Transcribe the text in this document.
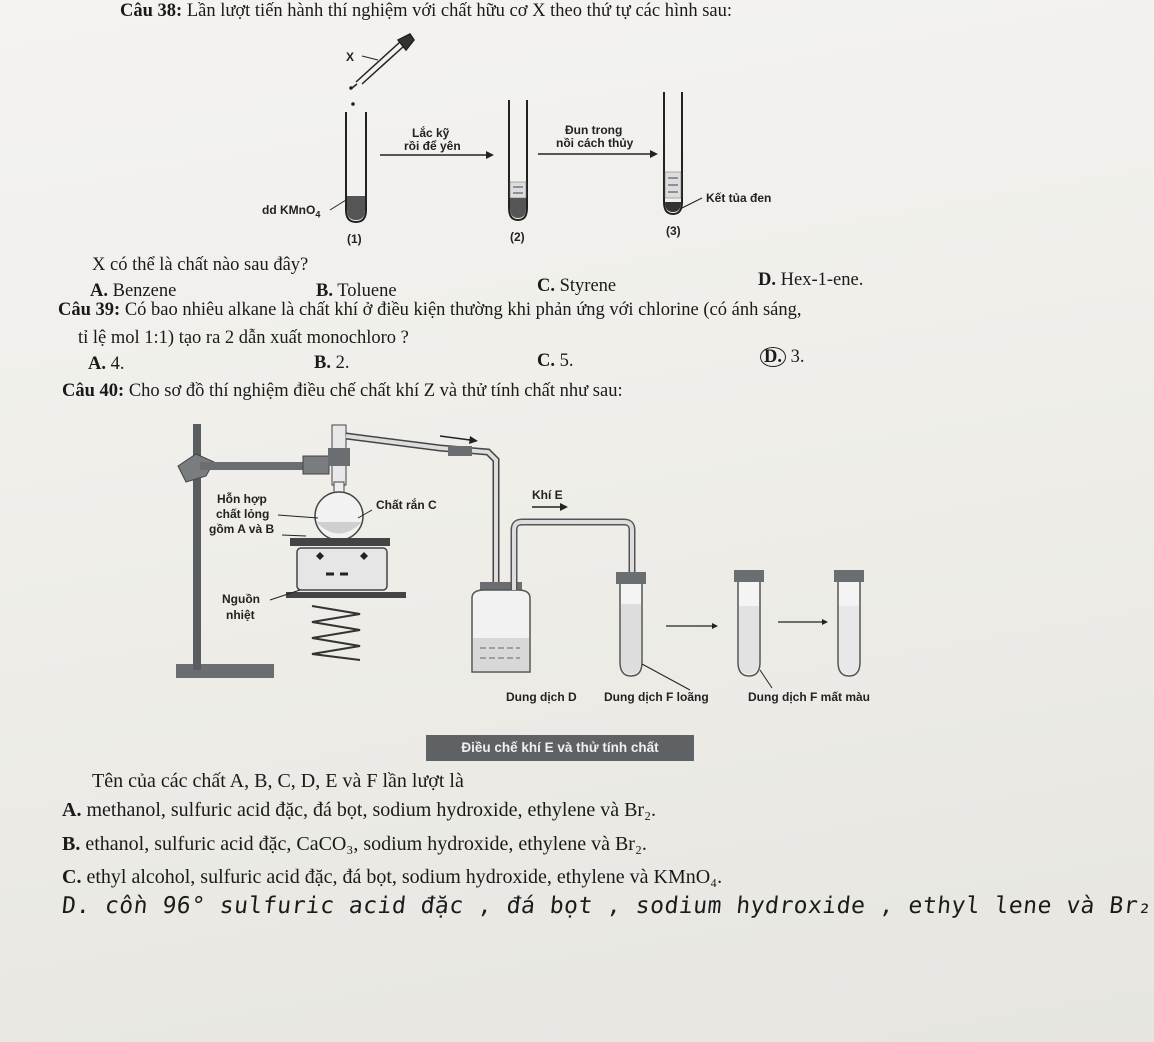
Câu 38: Lần lượt tiến hành thí nghiệm với chất hữu cơ X theo thứ tự các hình sau:
X
Lắc kỹ
rồi để yên
Đun trong
nồi cách thủy
dd KMnO$_4$
Kết tủa đen
(1)	(2)	(3)
X có thể là chất nào sau đây?
A. Benzene	B. Toluene	C. Styrene	D. Hex-1-ene.
Câu 39: Có bao nhiêu alkane là chất khí ở điều kiện thường khi phản ứng với chlorine (có ánh sáng,
tỉ lệ mol 1:1) tạo ra 2 dẫn xuất monochloro ?
A. 4.	B. 2.	C. 5.	D. 3.
Câu 40: Cho sơ đồ thí nghiệm điều chế chất khí Z và thử tính chất như sau:
Hỗn hợp
chất lỏng
gồm A và B
Chất rắn C
Khí E
Nguồn
nhiệt
Dung dịch D Dung dịch F loãng	Dung dịch F mất màu
Điều chế khí E và thử tính chất
Tên của các chất A, B, C, D, E và F lần lượt là
A. methanol, sulfuric acid đặc, đá bọt, sodium hydroxide, ethylene và Br₂.
B. ethanol, sulfuric acid đặc, CaCO₃, sodium hydroxide, ethylene và Br₂.
C. ethyl alcohol, sulfuric acid đặc, đá bọt, sodium hydroxide, ethylene và KMnO₄.
D. cồn 96° sulfuric acid đặc , đá bọt , sodium hydroxide , ethyl lene và Br₂
